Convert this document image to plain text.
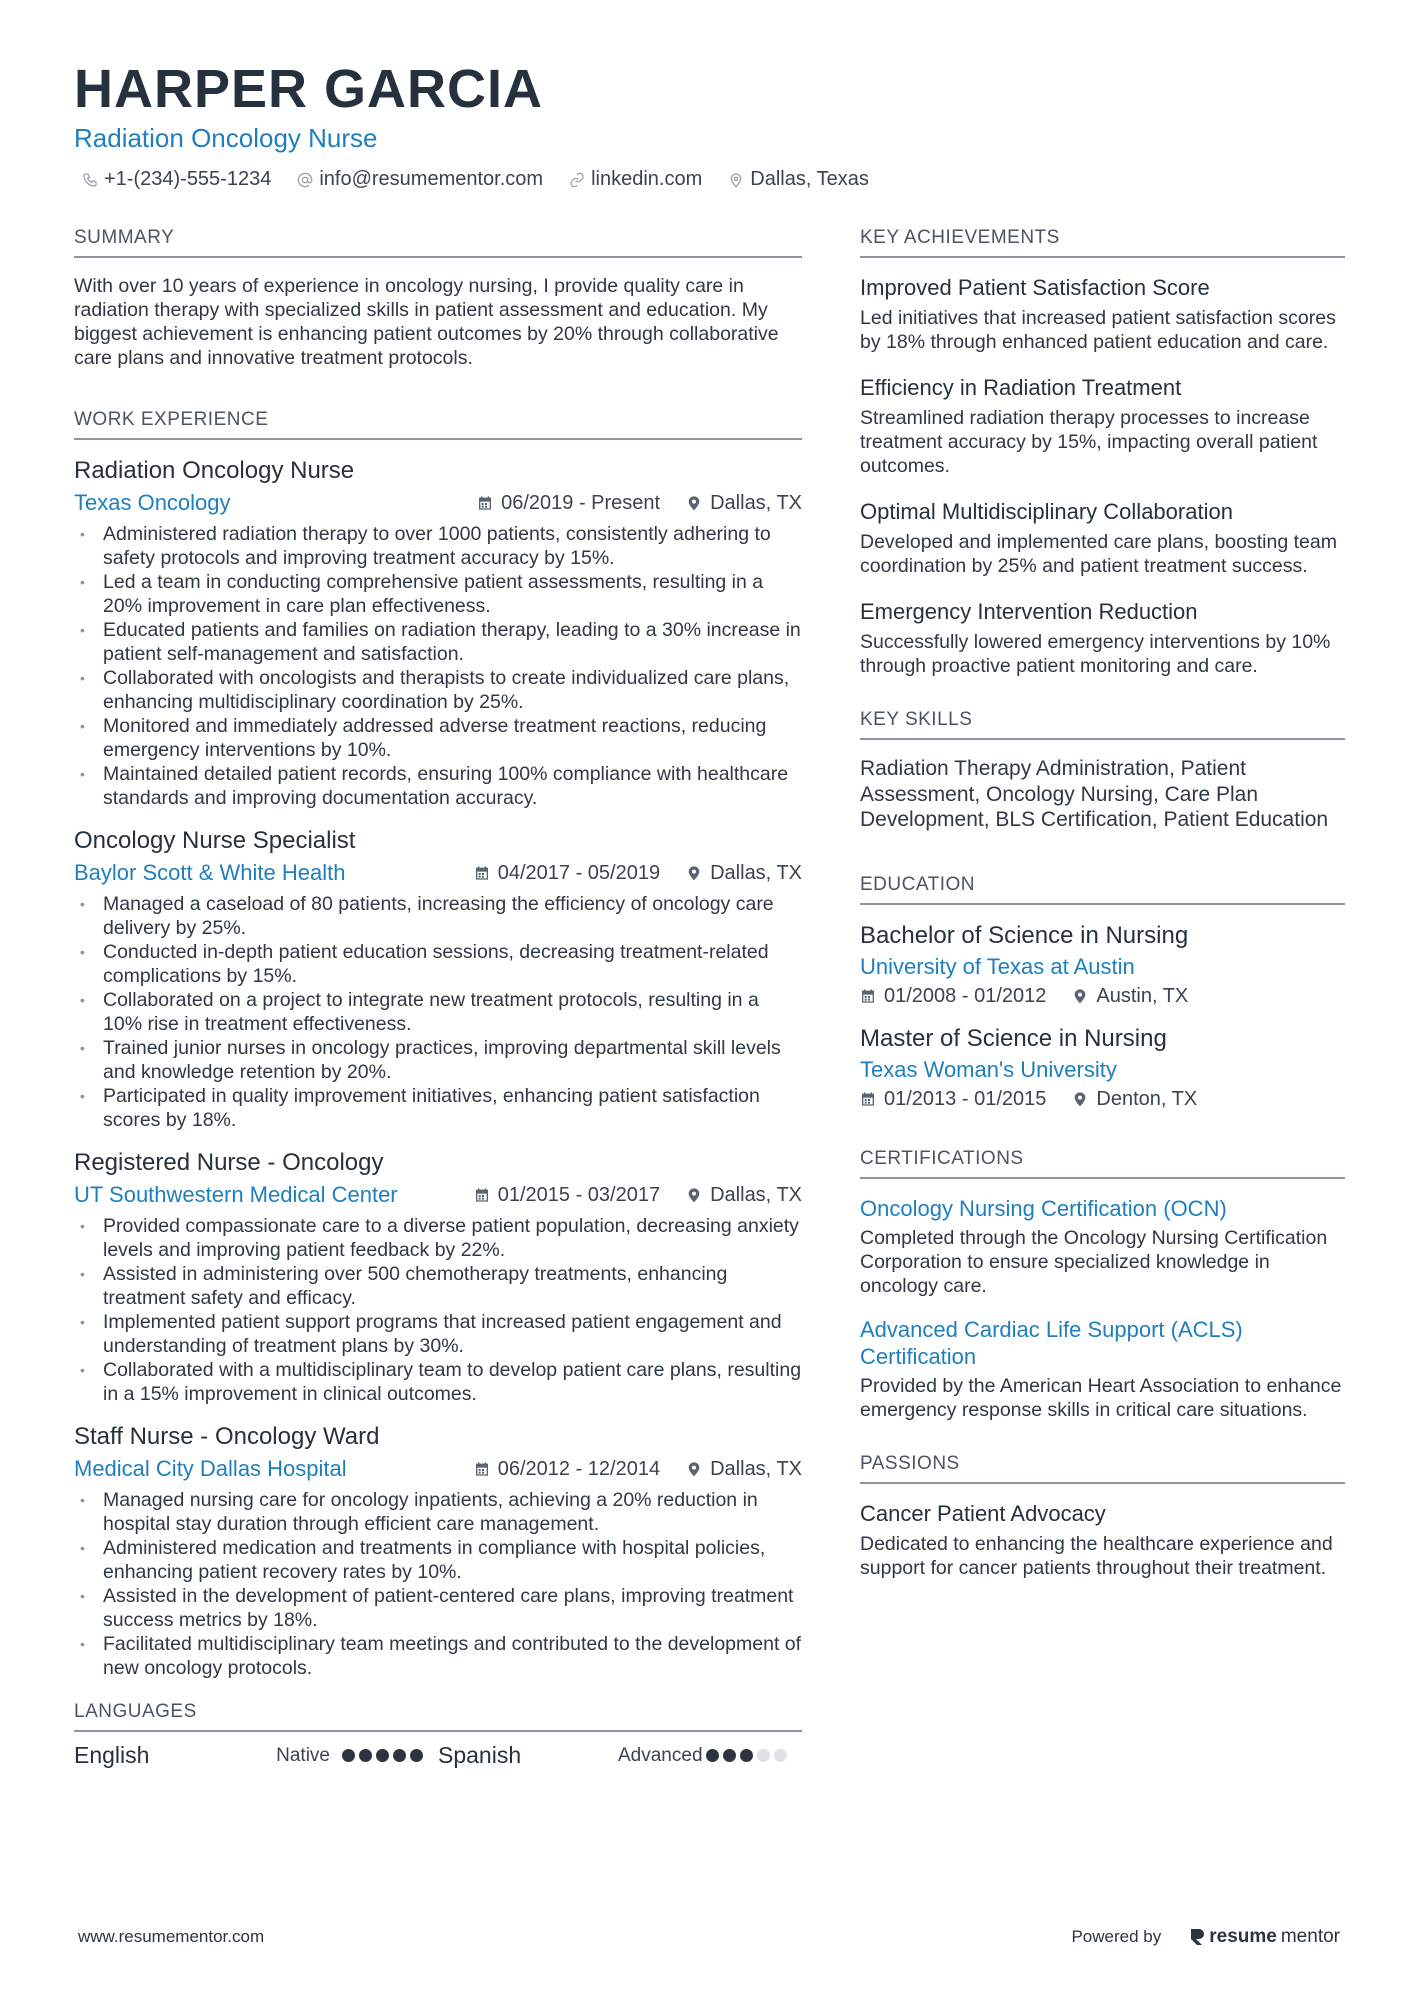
HARPER GARCIA
Radiation Oncology Nurse
+1-(234)-555-1234 info@resumementor.com linkedin.com Dallas, Texas
SUMMARY

With over 10 years of experience in oncology nursing, I provide quality care in radiation therapy with specialized skills in patient assessment and education. My biggest achievement is enhancing patient outcomes by 20% through collaborative care plans and innovative treatment protocols.

WORK EXPERIENCE
Radiation Oncology Nurse
Texas Oncology	06/2019 - Present	Dallas, TX
• Administered radiation therapy to over 1000 patients, consistently adhering to safety protocols and improving treatment accuracy by 15%.
• Led a team in conducting comprehensive patient assessments, resulting in a 20% improvement in care plan effectiveness.
• Educated patients and families on radiation therapy, leading to a 30% increase in patient self-management and satisfaction.
• Collaborated with oncologists and therapists to create individualized care plans, enhancing multidisciplinary coordination by 25%.
• Monitored and immediately addressed adverse treatment reactions, reducing emergency interventions by 10%.
• Maintained detailed patient records, ensuring 100% compliance with healthcare standards and improving documentation accuracy.
Oncology Nurse Specialist
Baylor Scott & White Health	04/2017 - 05/2019	Dallas, TX
• Managed a caseload of 80 patients, increasing the efficiency of oncology care delivery by 25%.
• Conducted in-depth patient education sessions, decreasing treatment-related complications by 15%.
• Collaborated on a project to integrate new treatment protocols, resulting in a 10% rise in treatment effectiveness.
• Trained junior nurses in oncology practices, improving departmental skill levels and knowledge retention by 20%.
• Participated in quality improvement initiatives, enhancing patient satisfaction scores by 18%.
Registered Nurse - Oncology
UT Southwestern Medical Center	01/2015 - 03/2017	Dallas, TX
• Provided compassionate care to a diverse patient population, decreasing anxiety levels and improving patient feedback by 22%.
• Assisted in administering over 500 chemotherapy treatments, enhancing treatment safety and efficacy.
• Implemented patient support programs that increased patient engagement and understanding of treatment plans by 30%.
• Collaborated with a multidisciplinary team to develop patient care plans, resulting in a 15% improvement in clinical outcomes.
Staff Nurse - Oncology Ward
Medical City Dallas Hospital	06/2012 - 12/2014	Dallas, TX
• Managed nursing care for oncology inpatients, achieving a 20% reduction in hospital stay duration through efficient care management.
• Administered medication and treatments in compliance with hospital policies, enhancing patient recovery rates by 10%.
• Assisted in the development of patient-centered care plans, improving treatment success metrics by 18%.
• Facilitated multidisciplinary team meetings and contributed to the development of new oncology protocols.
LANGUAGES
English	Native	Spanish	Advanced
KEY ACHIEVEMENTS
Improved Patient Satisfaction Score
Led initiatives that increased patient satisfaction scores by 18% through enhanced patient education and care.
Efficiency in Radiation Treatment
Streamlined radiation therapy processes to increase treatment accuracy by 15%, impacting overall patient outcomes.
Optimal Multidisciplinary Collaboration
Developed and implemented care plans, boosting team coordination by 25% and patient treatment success.
Emergency Intervention Reduction
Successfully lowered emergency interventions by 10% through proactive patient monitoring and care.
KEY SKILLS
Radiation Therapy Administration, Patient Assessment, Oncology Nursing, Care Plan Development, BLS Certification, Patient Education
EDUCATION
Bachelor of Science in Nursing
University of Texas at Austin
01/2008 - 01/2012	Austin, TX
Master of Science in Nursing
Texas Woman's University
01/2013 - 01/2015	Denton, TX
CERTIFICATIONS
Oncology Nursing Certification (OCN)
Completed through the Oncology Nursing Certification Corporation to ensure specialized knowledge in oncology care.
Advanced Cardiac Life Support (ACLS) Certification
Provided by the American Heart Association to enhance emergency response skills in critical care situations.
PASSIONS
Cancer Patient Advocacy
Dedicated to enhancing the healthcare experience and support for cancer patients throughout their treatment.
www.resumementor.com	Powered by	resume mentor
